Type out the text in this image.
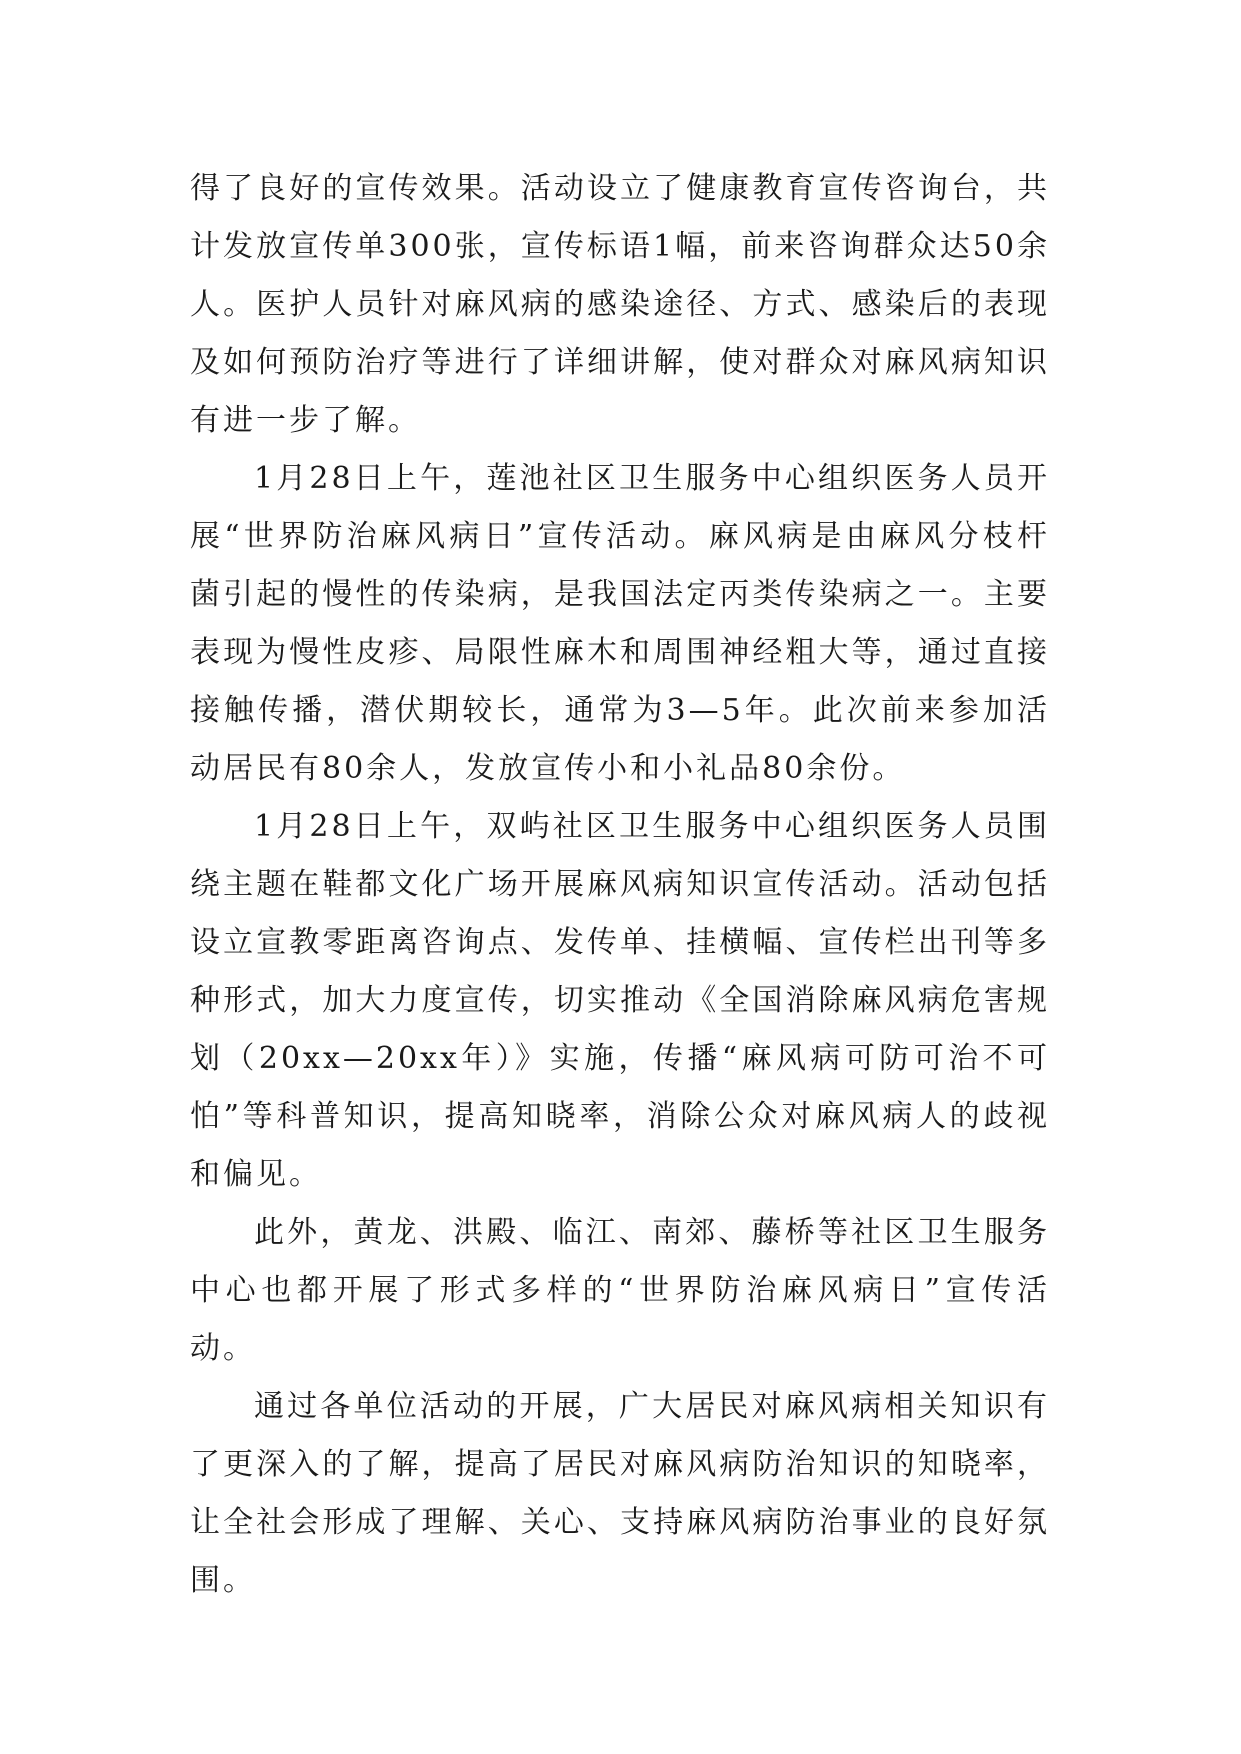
得了良好的宣传效果。活动设立了健康教育宣传咨询台，共计发放宣传单300张，宣传标语1幅，前来咨询群众达50余人。医护人员针对麻风病的感染途径、方式、感染后的表现及如何预防治疗等进行了详细讲解，使对群众对麻风病知识有进一步了解。

1月28日上午，莲池社区卫生服务中心组织医务人员开展“世界防治麻风病日”宣传活动。麻风病是由麻风分枝杆菌引起的慢性的传染病，是我国法定丙类传染病之一。主要表现为慢性皮疹、局限性麻木和周围神经粗大等，通过直接接触传播，潜伏期较长，通常为3—5年。此次前来参加活动居民有80余人，发放宣传小和小礼品80余份。

1月28日上午，双屿社区卫生服务中心组织医务人员围绕主题在鞋都文化广场开展麻风病知识宣传活动。活动包括设立宣教零距离咨询点、发传单、挂横幅、宣传栏出刊等多种形式，加大力度宣传，切实推动《全国消除麻风病危害规划（20xx—20xx年）》实施，传播“麻风病可防可治不可怕”等科普知识，提高知晓率，消除公众对麻风病人的歧视和偏见。

此外，黄龙、洪殿、临江、南郊、藤桥等社区卫生服务中心也都开展了形式多样的“世界防治麻风病日”宣传活动。

通过各单位活动的开展，广大居民对麻风病相关知识有了更深入的了解，提高了居民对麻风病防治知识的知晓率，让全社会形成了理解、关心、支持麻风病防治事业的良好氛围。
